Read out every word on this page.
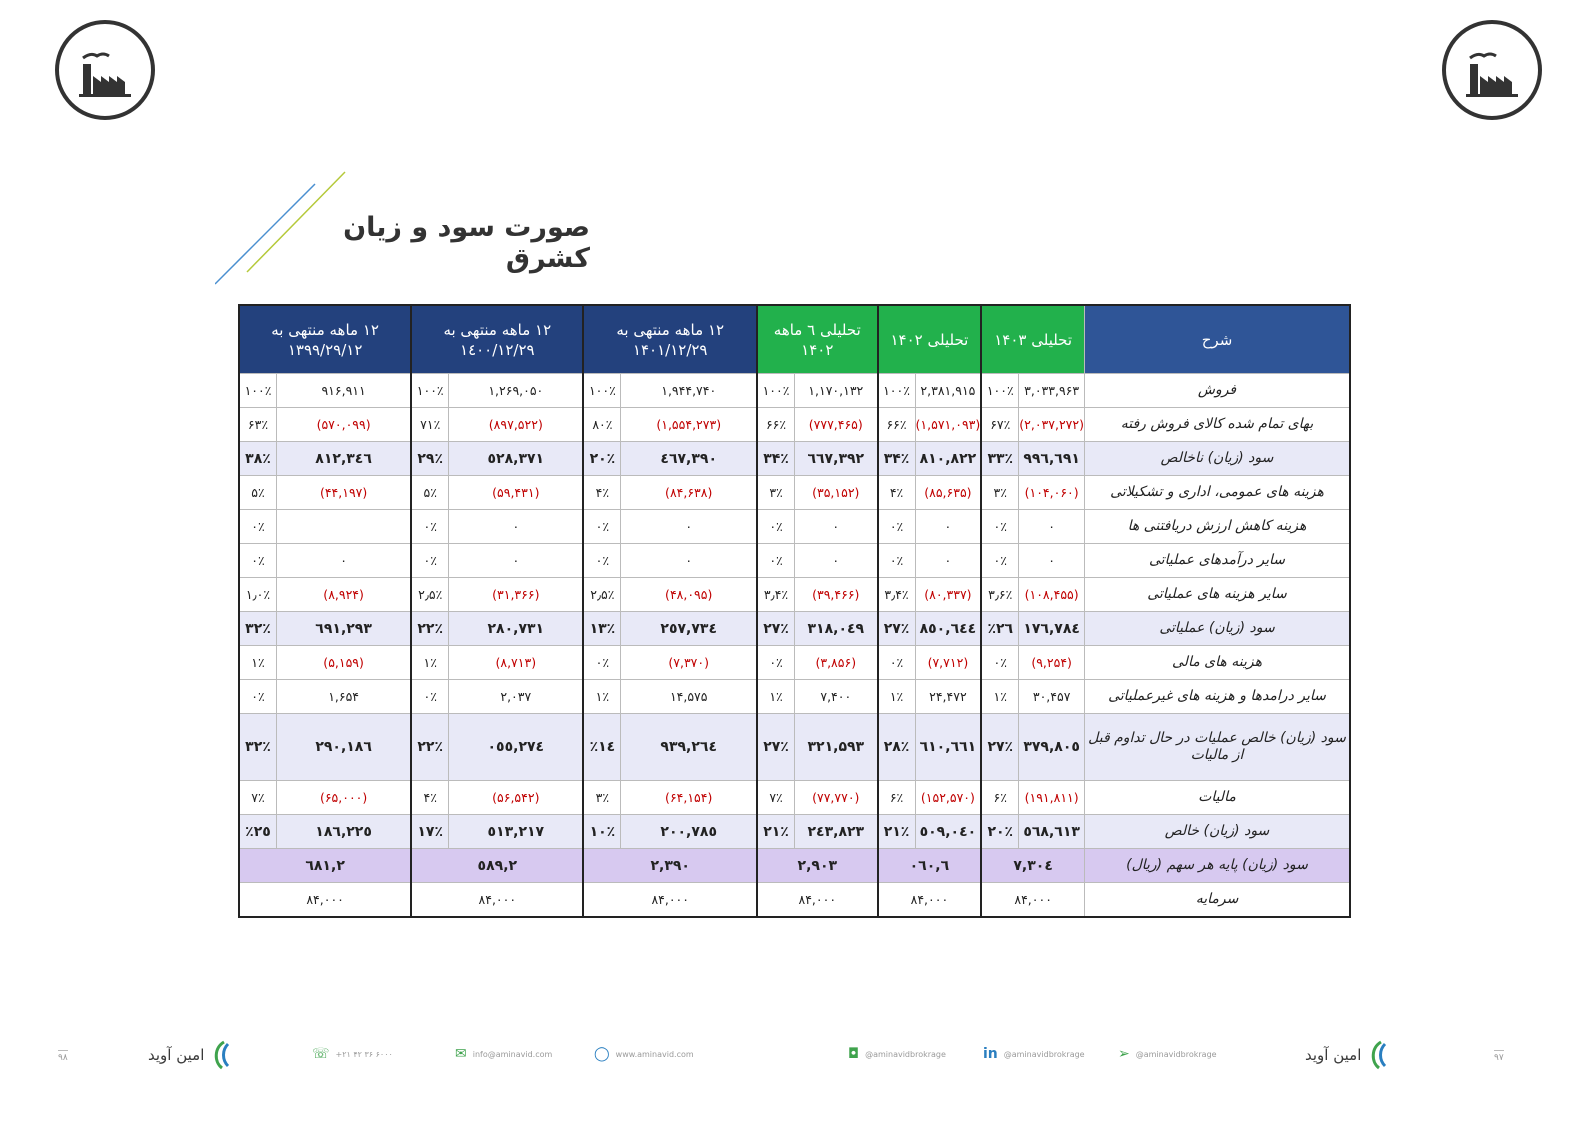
صورت سود و زیان کشرق
شرح	تحلیلی ۱۴۰۳		تحلیلی ۱۴۰۲		تحلیلی ٦ ماهه ۱۴۰۲		۱۲ ماهه منتهی به ۱۴۰۱/۱۲/۲۹		۱۲ ماهه منتهی به ۱٤۰۰/۱۲/۲۹		۱۲ ماهه منتهی به ۱۳۹۹/۲۹/۱۲	
فروش	۳,۰۳۳,۹۶۳	۱۰۰٪	۲,۳۸۱,۹۱۵	۱۰۰٪	۱,۱۷۰,۱۳۲	۱۰۰٪	۱,۹۴۴,۷۴۰	۱۰۰٪	۱,۲۶۹,۰۵۰	۱۰۰٪	۹۱۶,۹۱۱	۱۰۰٪
بهای تمام شده کالای فروش رفته	(۲,۰۳۷,۲۷۲)	۶۷٪	(۱,۵۷۱,۰۹۳)	۶۶٪	(۷۷۷,۴۶۵)	۶۶٪	(۱,۵۵۴,۲۷۳)	۸۰٪	(۸۹۷,۵۲۲)	۷۱٪	(۵۷۰,۰۹۹)	۶۳٪
سود (زیان) ناخالص	۹۹٦,٦۹۱	۳۳٪	۸۱۰,۸۲۲	۳۴٪	۳۹۲,٦٦۷	۳۴٪	۳۹۰,٤٦۷	۲۰٪	۳۷۱,٥۲۸	۲۹٪	۳٤٦,۸۱۲	۳۸٪
هزینه های عمومی، اداری و تشکیلاتی	(۱۰۴,۰۶۰)	۳٪	(۸۵,۶۳۵)	۴٪	(۳۵,۱۵۲)	۳٪	(۸۴,۶۳۸)	۴٪	(۵۹,۴۳۱)	۵٪	(۴۴,۱۹۷)	۵٪
هزینه کاهش ارزش دریافتنی ها	۰	۰٪	۰	۰٪	۰	۰٪	۰	۰٪	۰	۰٪		۰٪
سایر درآمدهای عملیاتی	۰	۰٪	۰	۰٪	۰	۰٪	۰	۰٪	۰	۰٪	۰	۰٪
سایر هزینه های عملیاتی	(۱۰۸,۴۵۵)	۳٫۶٪	(۸۰,۳۳۷)	۳٫۴٪	(۳۹,۴۶۶)	۳٫۴٪	(۴۸,۰۹۵)	۲٫۵٪	(۳۱,۳۶۶)	۲٫۵٪	(۸,۹۲۴)	۱٫۰٪
سود (زیان) عملیاتی	۷۸٤,۱۷٦	۲٦٪	٦٤٤,۸٥۰	۲۷٪	۳۱۸,۰٤۹	۲۷٪	۲٥۷,۷۳٤	۱۳٪	۲۸۰,۷۳۱	۲۲٪	۲۹۳,٦۹۱	۳۲٪
هزینه های مالی	(۹,۲۵۴)	۰٪	(۷,۷۱۲)	۰٪	(۳,۸۵۶)	۰٪	(۷,۳۷۰)	۰٪	(۸,۷۱۳)	۱٪	(۵,۱۵۹)	۱٪
سایر درامدها و هزینه های غیرعملیاتی	۳۰,۴۵۷	۱٪	۲۴,۴۷۲	۱٪	۷,۴۰۰	۱٪	۱۴,۵۷۵	۱٪	۲,۰۳۷	۰٪	۱,۶۵۴	۰٪
سود (زیان) خالص عملیات در حال تداوم قبل از مالیات	۸۰٥,۳۷۹	۲۷٪	٦٦۱,٦۱۰	۲۸٪	۳۲۱,۵۹۳	۲۷٪	۲٦٤,۹۳۹	۱٤٪	۲۷٤,۰٥٥	۲۲٪	۲۹۰,۱۸٦	۳۲٪
مالیات	(۱۹۱,۸۱۱)	۶٪	(۱۵۲,۵۷۰)	۶٪	(۷۷,۷۷۰)	۷٪	(۶۴,۱۵۴)	۳٪	(۵۶,۵۴۲)	۴٪	(۶۵,۰۰۰)	۷٪
سود (زیان) خالص	٦۱۳,٥٦۸	۲۰٪	٥۰۹,۰٤۰	۲۱٪	۲٤۳,۸۲۳	۲۱٪	۲۰۰,۷۸٥	۱۰٪	۲۱۷,٥۱۳	۱۷٪	۲۲٥,۱۸٦	۲٥٪
سود (زیان) پایه هر سهم (ریال)	۷,۳۰٤		٦,۰٦۰		۲,۹۰۳		۲,۳۹۰		۲,٥۸۹		۲,٦۸۱	
سرمایه	۸۴,۰۰۰		۸۴,۰۰۰		۸۴,۰۰۰		۸۴,۰۰۰		۸۴,۰۰۰		۸۴,۰۰۰	
۹۸	امین آوید	☏ +۲۱ ۴۲ ۳۶ ۶۰۰۰	✉ info@aminavid.com	◯ www.aminavid.com	◘ @aminavidbrokrage	in @aminavidbrokrage ➢ @aminavidbrokrage	امین آوید	۹۷
